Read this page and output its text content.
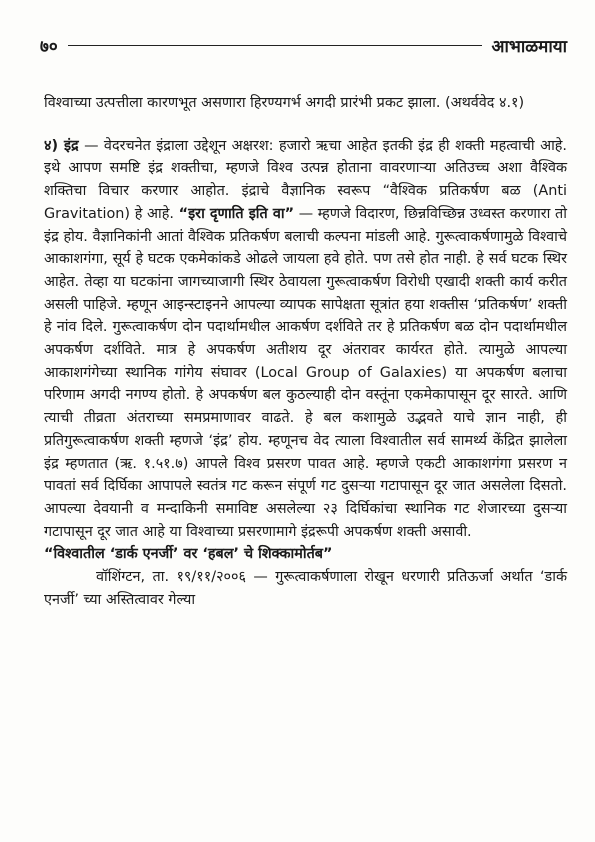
७०	आभाळमाया

विश्वाच्या उत्पत्तीला कारणभूत असणारा हिरण्यगर्भ अगदी प्रारंभी प्रकट झाला. (अथर्ववेद ४.१)

४) इंद्र — वेदरचनेत इंद्राला उद्देशून अक्षरश: हजारो ऋचा आहेत इतकी इंद्र ही शक्ती महत्वाची आहे. इथे आपण समष्टि इंद्र शक्तीचा, म्हणजे विश्व उत्पन्न होताना वावरणाऱ्या अतिउच्च अशा वैश्विक शक्तिचा विचार करणार आहोत. इंद्राचे वैज्ञानिक स्वरूप “वैश्विक प्रतिकर्षण बळ (Anti Gravitation) हे आहे. “इरा दृणाति इति वा” — म्हणजे विदारण, छिन्नविच्छिन्न उध्वस्त करणारा तो इंद्र होय. वैज्ञानिकांनी आतां वैश्विक प्रतिकर्षण बलाची कल्पना मांडली आहे. गुरूत्वाकर्षणामुळे विश्वाचे आकाशगंगा, सूर्य हे घटक एकमेकांकडे ओढले जायला हवे होते. पण तसे होत नाही. हे सर्व घटक स्थिर आहेत. तेव्हा या घटकांना जागच्याजागी स्थिर ठेवायला गुरूत्वाकर्षण विरोधी एखादी शक्ती कार्य करीत असली पाहिजे. म्हणून आइन्स्टाइनने आपल्या व्यापक सापेक्षता सूत्रांत हया शक्तीस ‘प्रतिकर्षण’ शक्ती हे नांव दिले. गुरूत्वाकर्षण दोन पदार्थामधील आकर्षण दर्शविते तर हे प्रतिकर्षण बळ दोन पदार्थामधील अपकर्षण दर्शविते. मात्र हे अपकर्षण अतीशय दूर अंतरावर कार्यरत होते. त्यामुळे आपल्या आकाशगंगेच्या स्थानिक गांगेय संघावर (Local Group of Galaxies) या अपकर्षण बलाचा परिणाम अगदी नगण्य होतो. हे अपकर्षण बल कुठल्याही दोन वस्तूंना एकमेकापासून दूर सारते. आणि त्याची तीव्रता अंतराच्या समप्रमाणावर वाढते. हे बल कशामुळे उद्भवते याचे ज्ञान नाही, ही प्रतिगुरूत्वाकर्षण शक्ती म्हणजे ‘इंद्र’ होय. म्हणूनच वेद त्याला विश्वातील सर्व सामर्थ्य केंद्रित झालेला इंद्र म्हणतात (ऋ. १.५१.७) आपले विश्व प्रसरण पावत आहे. म्हणजे एकटी आकाशगंगा प्रसरण न पावतां सर्व दिर्घिका आपापले स्वतंत्र गट करून संपूर्ण गट दुसऱ्या गटापासून दूर जात असलेला दिसतो. आपल्या देवयानी व मन्दाकिनी समाविष्ट असलेल्या २३ दिर्घिकांचा स्थानिक गट शेजारच्या दुसऱ्या गटापासून दूर जात आहे या विश्वाच्या प्रसरणामागे इंद्ररूपी अपकर्षण शक्ती असावी.

“विश्वातील ‘डार्क एनर्जी’ वर ‘हबल’ चे शिक्कामोर्तब”

वॉशिंग्टन, ता. १९/११/२००६ — गुरूत्वाकर्षणाला रोखून धरणारी प्रतिऊर्जा अर्थात ‘डार्क एनर्जी’ च्या अस्तित्वावर गेल्या
